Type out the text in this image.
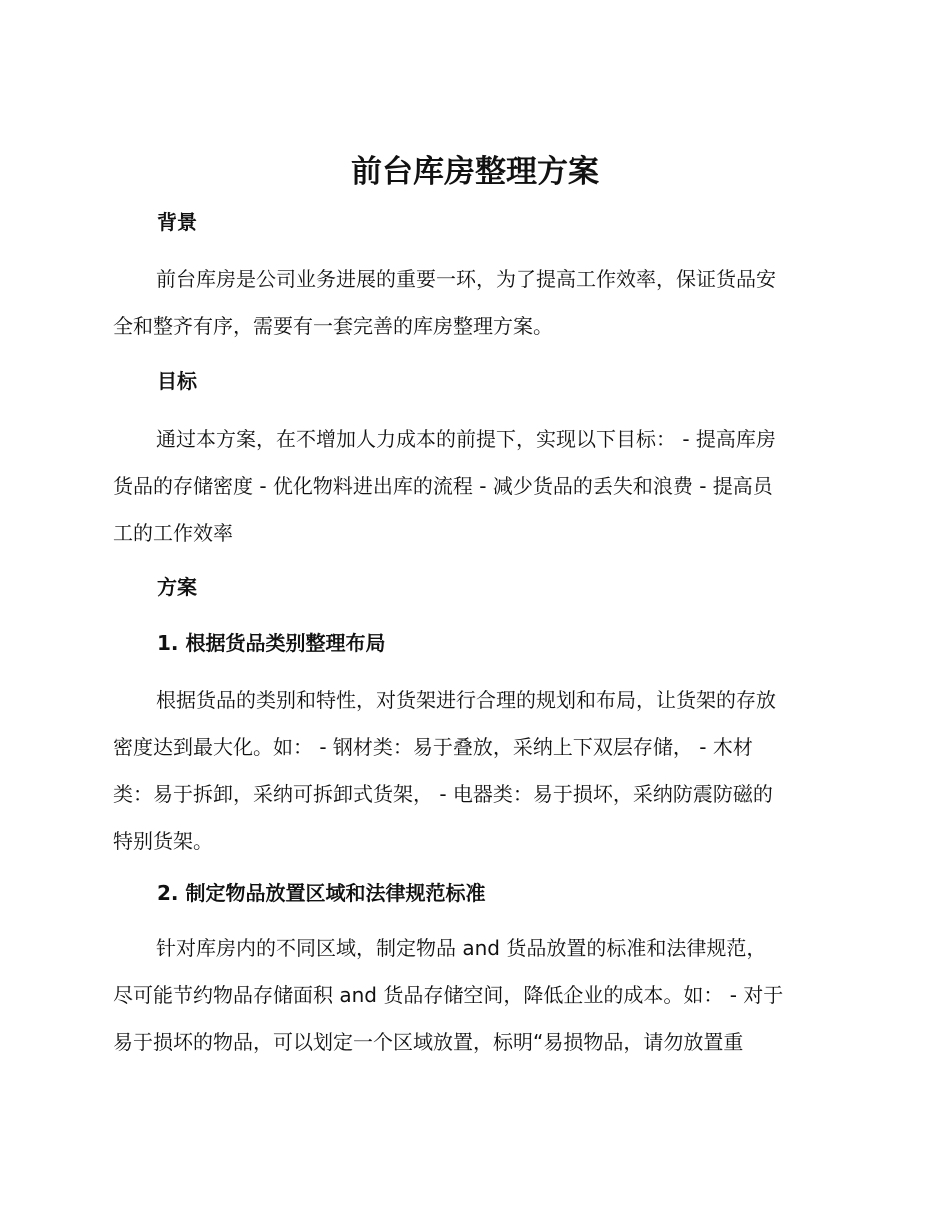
前台库房整理方案
背景
前台库房是公司业务进展的重要一环，为了提高工作效率，保证货品安
全和整齐有序，需要有一套完善的库房整理方案。
目标
通过本方案，在不增加人力成本的前提下，实现以下目标： - 提高库房
货品的存储密度 - 优化物料进出库的流程 - 减少货品的丢失和浪费 - 提高员
工的工作效率
方案
1. 根据货品类别整理布局
根据货品的类别和特性，对货架进行合理的规划和布局，让货架的存放
密度达到最大化。如： - 钢材类：易于叠放，采纳上下双层存储， - 木材
类：易于拆卸，采纳可拆卸式货架， - 电器类：易于损坏，采纳防震防磁的
特别货架。
2. 制定物品放置区域和法律规范标准
针对库房内的不同区域，制定物品 and 货品放置的标准和法律规范，
尽可能节约物品存储面积 and 货品存储空间，降低企业的成本。如： - 对于
易于损坏的物品，可以划定一个区域放置，标明“易损物品，请勿放置重
